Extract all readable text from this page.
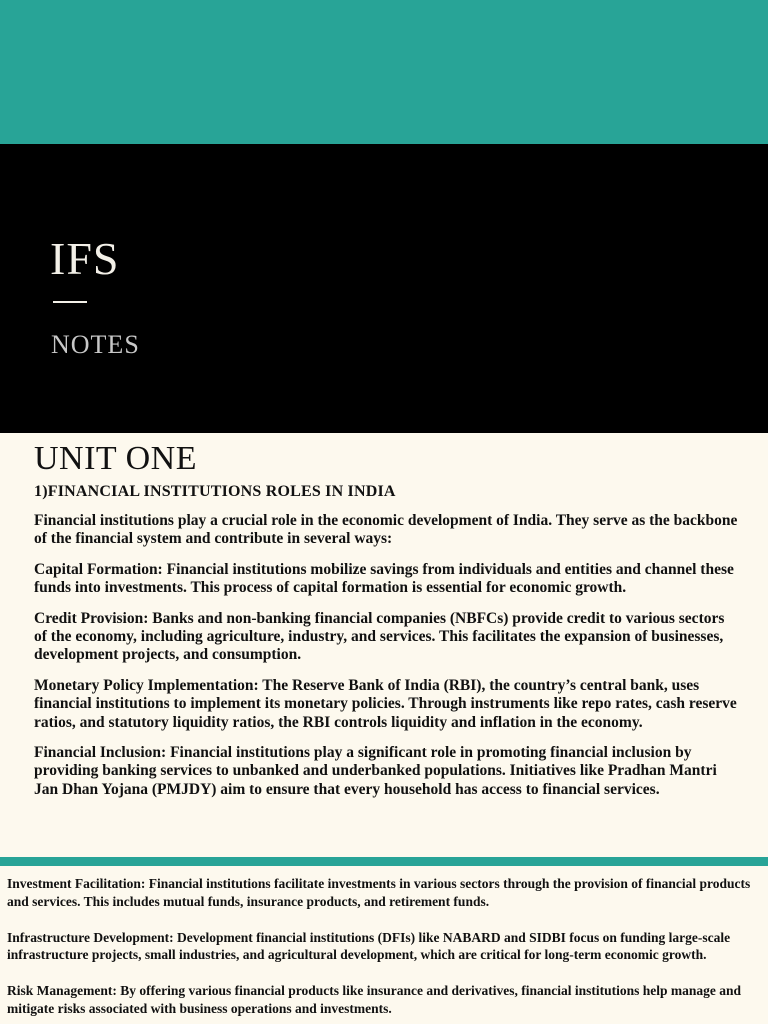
IFS
NOTES
UNIT ONE
1)FINANCIAL INSTITUTIONS ROLES IN INDIA

Financial institutions play a crucial role in the economic development of India. They serve as the backbone of the financial system and contribute in several ways:

Capital Formation: Financial institutions mobilize savings from individuals and entities and channel these funds into investments. This process of capital formation is essential for economic growth.

Credit Provision: Banks and non-banking financial companies (NBFCs) provide credit to various sectors of the economy, including agriculture, industry, and services. This facilitates the expansion of businesses, development projects, and consumption.

Monetary Policy Implementation: The Reserve Bank of India (RBI), the country’s central bank, uses financial institutions to implement its monetary policies. Through instruments like repo rates, cash reserve ratios, and statutory liquidity ratios, the RBI controls liquidity and inflation in the economy.

Financial Inclusion: Financial institutions play a significant role in promoting financial inclusion by providing banking services to unbanked and underbanked populations. Initiatives like Pradhan Mantri Jan Dhan Yojana (PMJDY) aim to ensure that every household has access to financial services.

Investment Facilitation: Financial institutions facilitate investments in various sectors through the provision of financial products and services. This includes mutual funds, insurance products, and retirement funds.

Infrastructure Development: Development financial institutions (DFIs) like NABARD and SIDBI focus on funding large-scale infrastructure projects, small industries, and agricultural development, which are critical for long-term economic growth.

Risk Management: By offering various financial products like insurance and derivatives, financial institutions help manage and mitigate risks associated with business operations and investments.
